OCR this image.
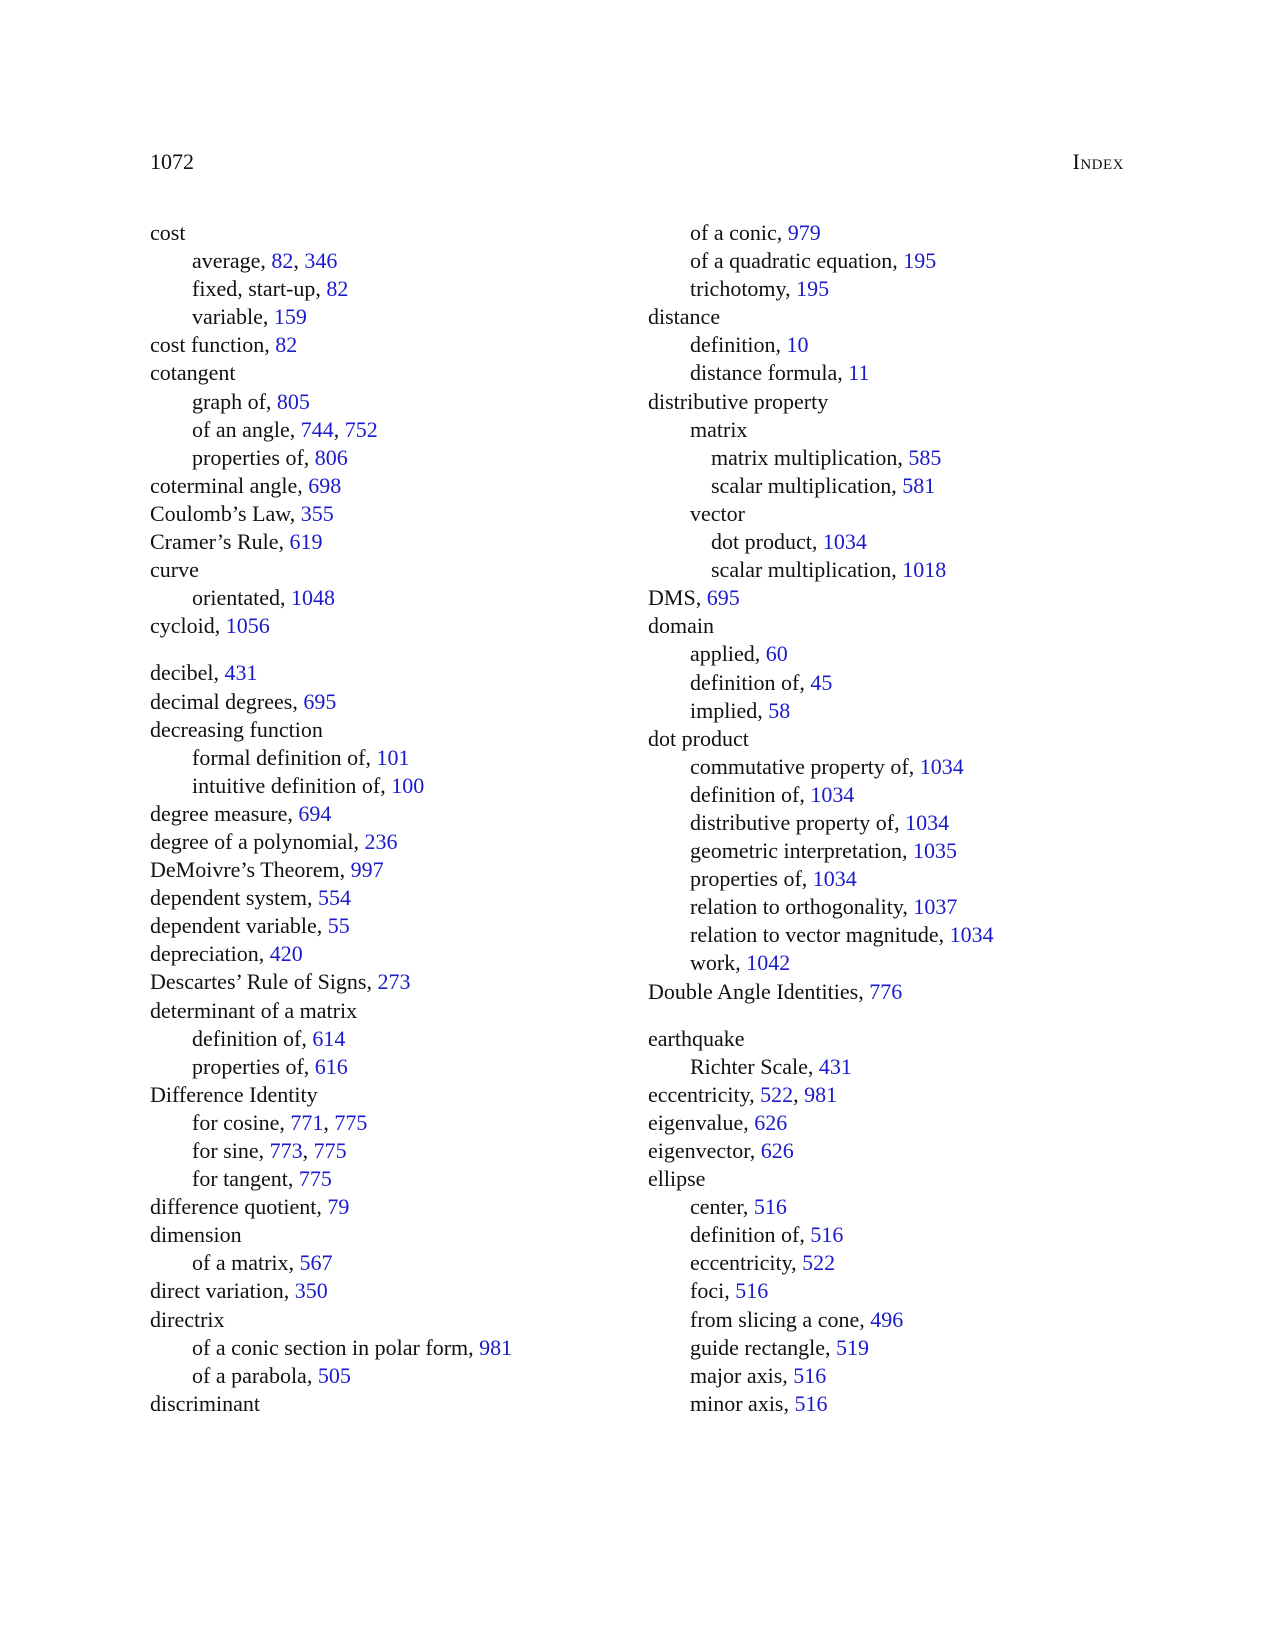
1072	Index
cost
average, 82, 346
fixed, start-up, 82
variable, 159
cost function, 82
cotangent
graph of, 805
of an angle, 744, 752
properties of, 806
coterminal angle, 698
Coulomb’s Law, 355
Cramer’s Rule, 619
curve
orientated, 1048
cycloid, 1056
decibel, 431
decimal degrees, 695
decreasing function
formal definition of, 101
intuitive definition of, 100
degree measure, 694
degree of a polynomial, 236
DeMoivre’s Theorem, 997
dependent system, 554
dependent variable, 55
depreciation, 420
Descartes’ Rule of Signs, 273
determinant of a matrix
definition of, 614
properties of, 616
Difference Identity
for cosine, 771, 775
for sine, 773, 775
for tangent, 775
difference quotient, 79
dimension
of a matrix, 567
direct variation, 350
directrix
of a conic section in polar form, 981
of a parabola, 505
discriminant
of a conic, 979
of a quadratic equation, 195
trichotomy, 195
distance
definition, 10
distance formula, 11
distributive property
matrix
matrix multiplication, 585
scalar multiplication, 581
vector
dot product, 1034
scalar multiplication, 1018
DMS, 695
domain
applied, 60
definition of, 45
implied, 58
dot product
commutative property of, 1034
definition of, 1034
distributive property of, 1034
geometric interpretation, 1035
properties of, 1034
relation to orthogonality, 1037
relation to vector magnitude, 1034
work, 1042
Double Angle Identities, 776
earthquake
Richter Scale, 431
eccentricity, 522, 981
eigenvalue, 626
eigenvector, 626
ellipse
center, 516
definition of, 516
eccentricity, 522
foci, 516
from slicing a cone, 496
guide rectangle, 519
major axis, 516
minor axis, 516
